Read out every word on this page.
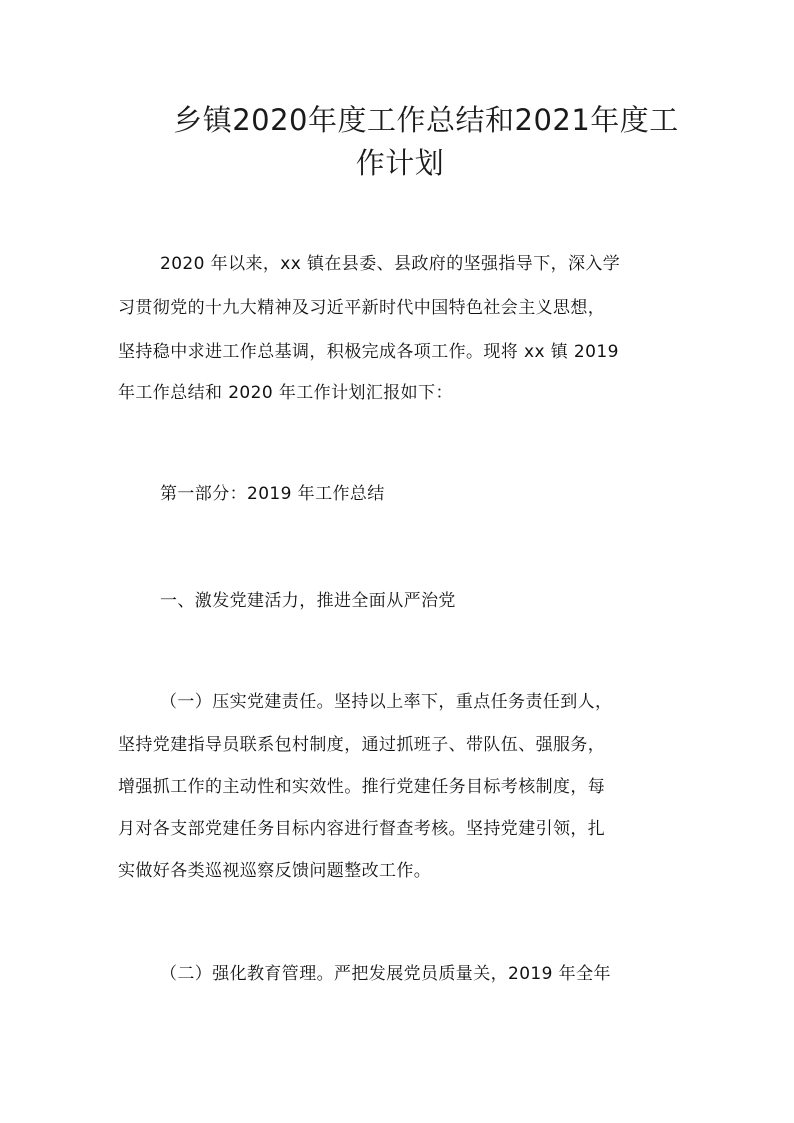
乡镇2020年度工作总结和2021年度工
作计划
2020 年以来，xx 镇在县委、县政府的坚强指导下，深入学
习贯彻党的十九大精神及习近平新时代中国特色社会主义思想，
坚持稳中求进工作总基调，积极完成各项工作。现将 xx 镇 2019
年工作总结和 2020 年工作计划汇报如下：
第一部分：2019 年工作总结
一、激发党建活力，推进全面从严治党
（一）压实党建责任。坚持以上率下，重点任务责任到人，
坚持党建指导员联系包村制度，通过抓班子、带队伍、强服务，
增强抓工作的主动性和实效性。推行党建任务目标考核制度，每
月对各支部党建任务目标内容进行督查考核。坚持党建引领，扎
实做好各类巡视巡察反馈问题整改工作。
（二）强化教育管理。严把发展党员质量关，2019 年全年
